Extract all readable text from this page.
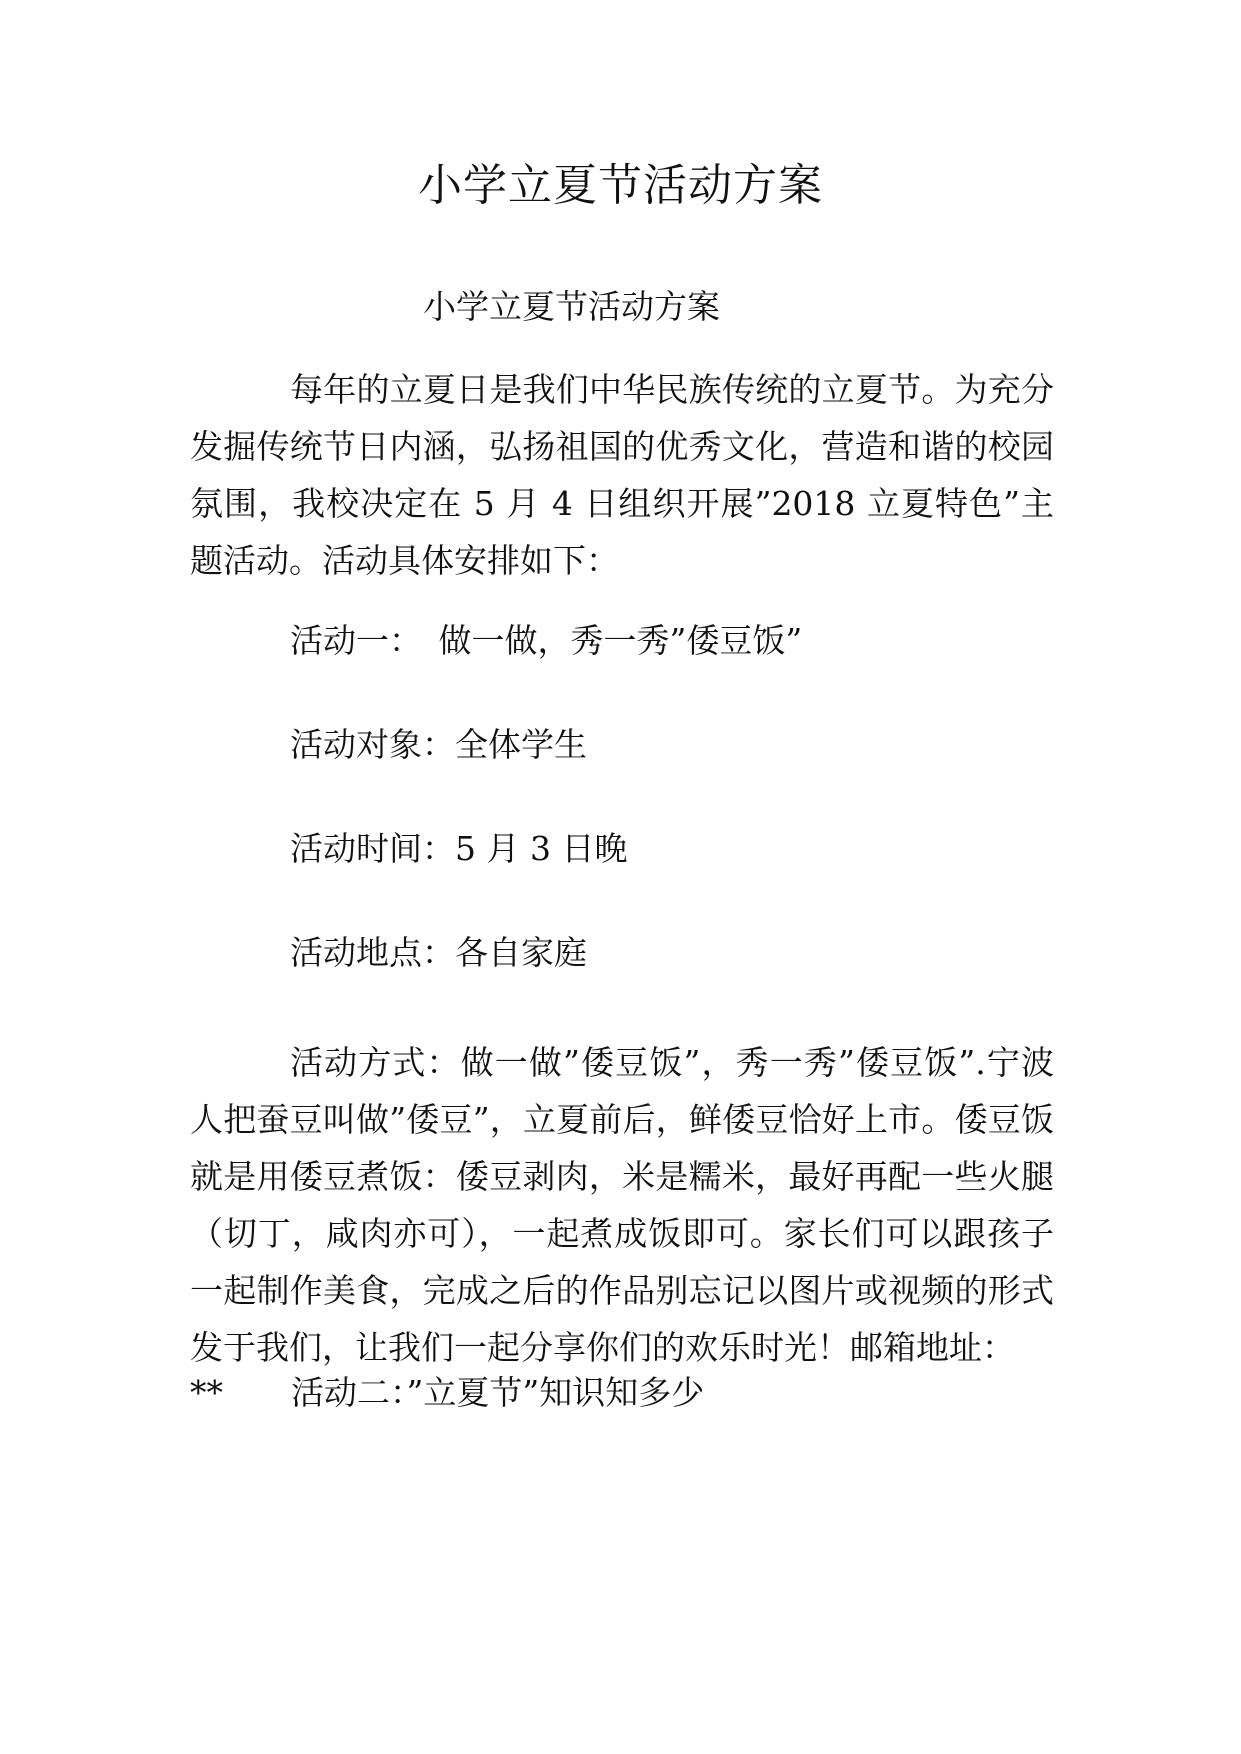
小学立夏节活动方案

小学立夏节活动方案

每年的立夏日是我们中华民族传统的立夏节。为充分发掘传统节日内涵，弘扬祖国的优秀文化，营造和谐的校园氛围，我校决定在 5 月 4 日组织开展”2018 立夏特色”主题活动。活动具体安排如下：

活动一：　做一做，秀一秀”倭豆饭”

活动对象：全体学生

活动时间：5 月 3 日晚

活动地点：各自家庭

活动方式：做一做”倭豆饭”，秀一秀”倭豆饭”.宁波人把蚕豆叫做”倭豆”，立夏前后，鲜倭豆恰好上市。倭豆饭就是用倭豆煮饭：倭豆剥肉，米是糯米，最好再配一些火腿（切丁，咸肉亦可），一起煮成饭即可。家长们可以跟孩子一起制作美食，完成之后的作品别忘记以图片或视频的形式发于我们，让我们一起分享你们的欢乐时光！邮箱地址：

** 活动二：”立夏节”知识知多少
